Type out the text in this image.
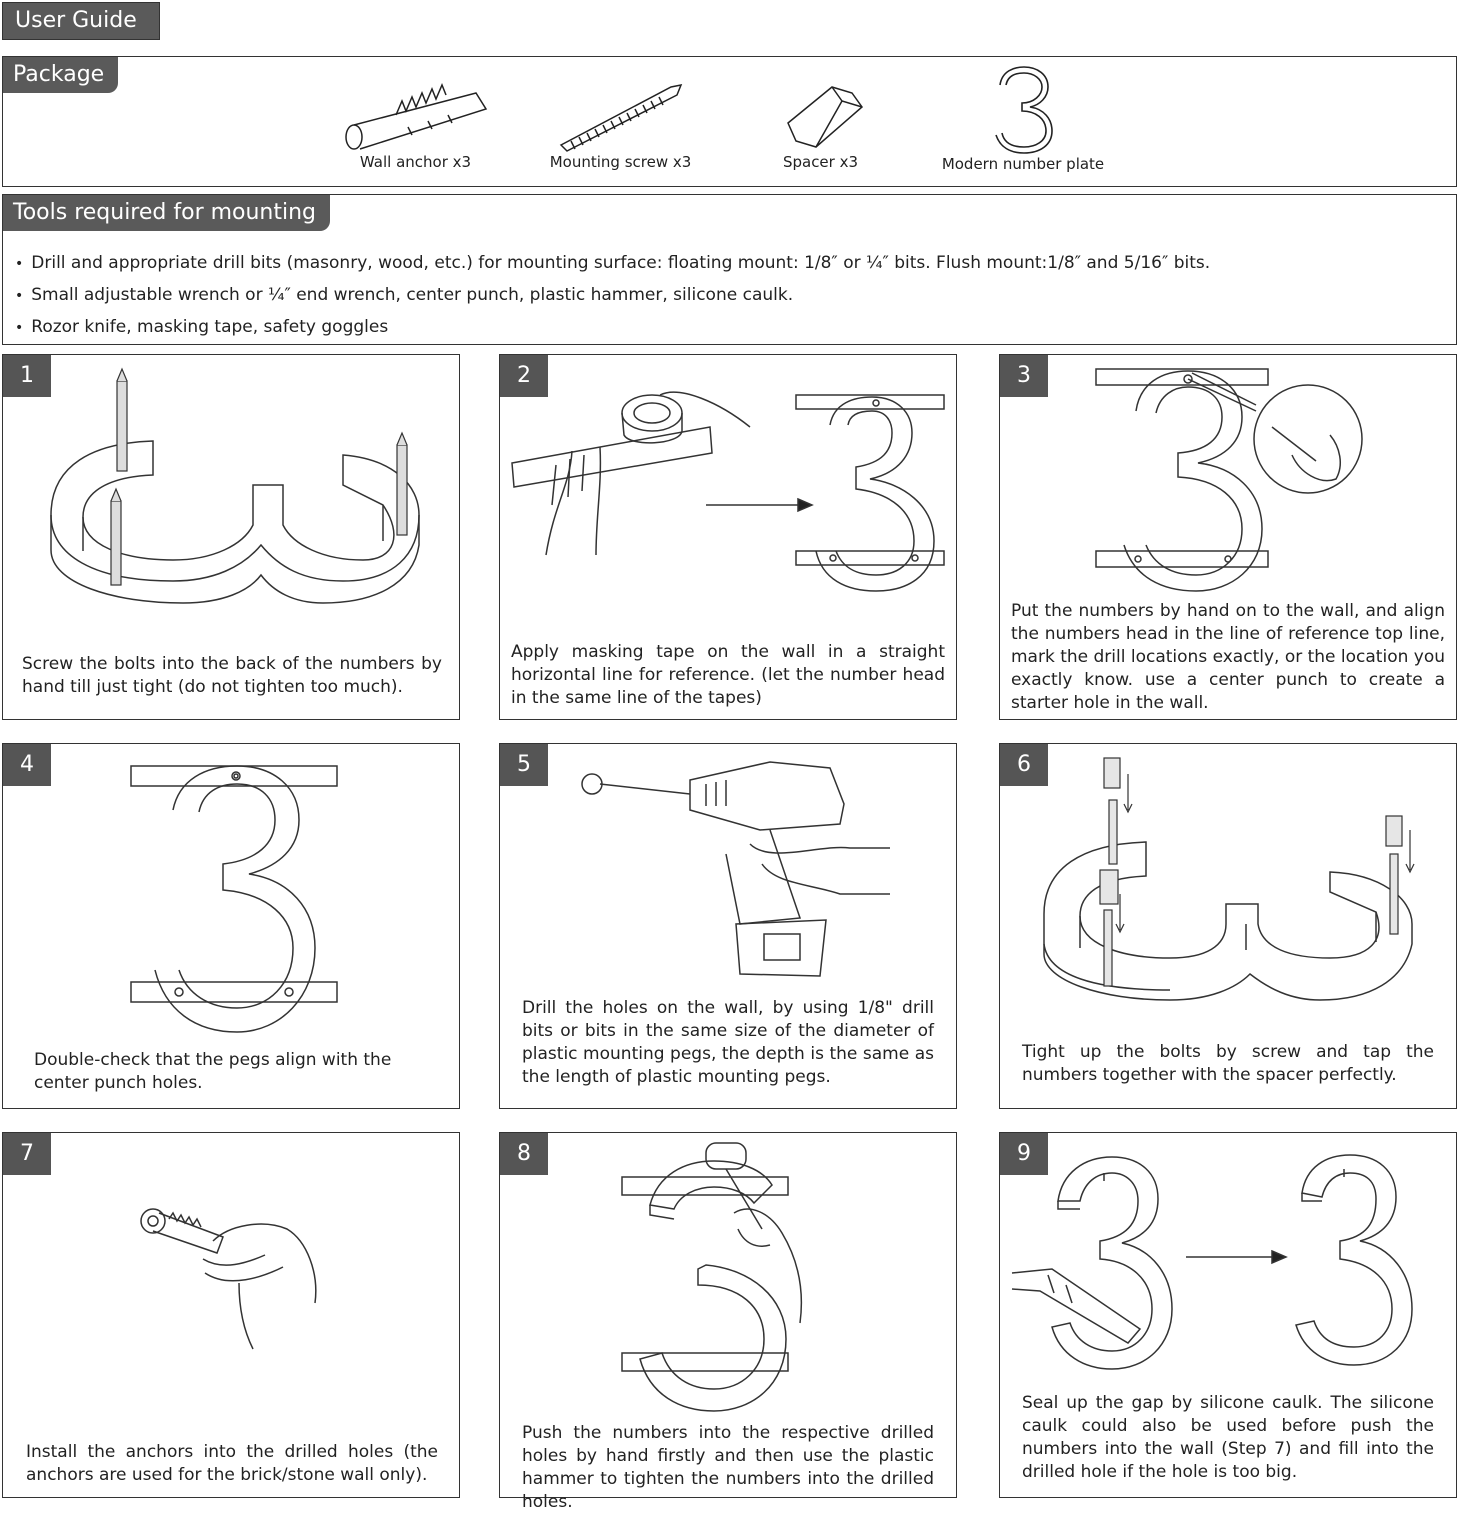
User Guide
Package
Wall anchor x3	Mounting screw x3	Spacer x3	Modern number plate
Tools required for mounting
• Drill and appropriate drill bits (masonry, wood, etc.) for mounting surface: floating mount: 1/8″ or ¼″ bits. Flush mount:1/8″ and 5/16″ bits.
• Small adjustable wrench or ¼″ end wrench, center punch, plastic hammer, silicone caulk.
• Rozor knife, masking tape, safety goggles
1
Screw the bolts into the back of the numbers by hand till just tight (do not tighten too much).
2
Apply masking tape on the wall in a straight horizontal line for reference. (let the number head in the same line of the tapes)
3
Put the numbers by hand on to the wall, and align the numbers head in the line of reference top line, mark the drill locations exactly, or the location you exactly know. use a center punch to create a starter hole in the wall.
4
Double-check that the pegs align with the center punch holes.
5
Drill the holes on the wall, by using 1/8" drill bits or bits in the same size of the diameter of plastic mounting pegs, the depth is the same as the length of plastic mounting pegs.
6
Tight up the bolts by screw and tap the numbers together with the spacer perfectly.
7
Install the anchors into the drilled holes (the anchors are used for the brick/stone wall only).
8
Push the numbers into the respective drilled holes by hand firstly and then use the plastic hammer to tighten the numbers into the drilled holes.
9
Seal up the gap by silicone caulk. The silicone caulk could also be used before push the numbers into the wall (Step 7) and fill into the drilled hole if the hole is too big.
